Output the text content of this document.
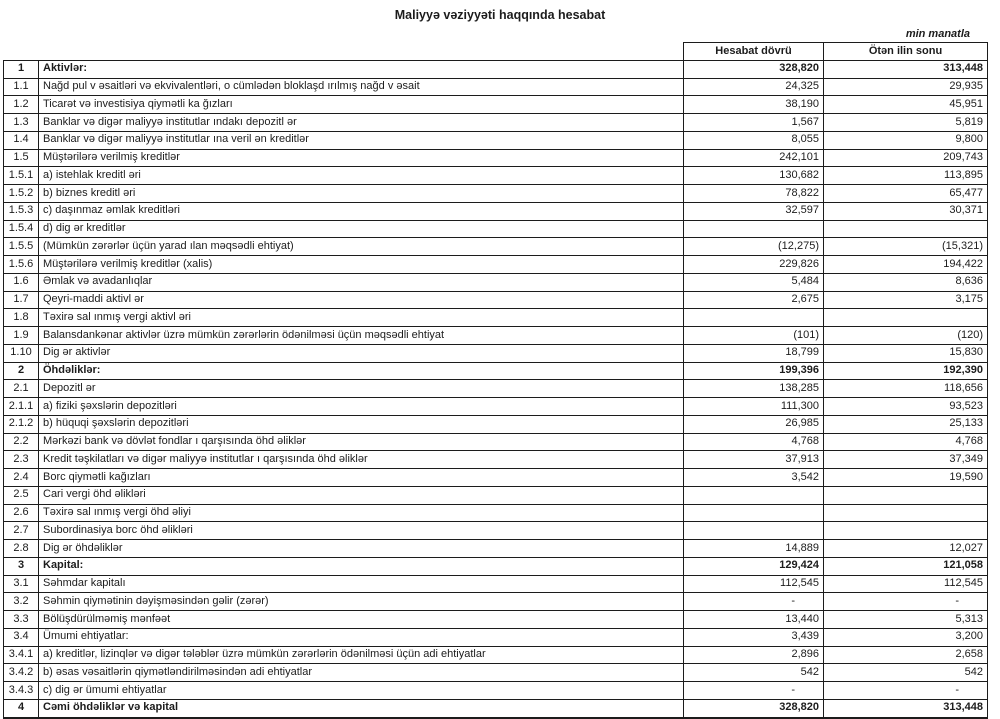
Maliyyə vəziyyəti haqqında hesabat
min manatla
		Hesabat dövrü	Ötən ilin sonu
1	Aktivlər:	328,820	313,448
1.1	Nağd pul v əsaitləri və ekvivalentləri, o cümlədən bloklaşd ırılmış nağd v əsait	24,325	29,935
1.2	Ticarət və investisiya qiymətli ka ğızları	38,190	45,951
1.3	Banklar və digər maliyyə institutlar ındakı depozitl ər	1,567	5,819
1.4	Banklar və digər maliyyə institutlar ına veril ən kreditlər	8,055	9,800
1.5	Müştərilərə verilmiş kreditlər	242,101	209,743
1.5.1	a) istehlak kreditl əri	130,682	113,895
1.5.2	b) biznes kreditl əri	78,822	65,477
1.5.3	c) daşınmaz əmlak kreditləri	32,597	30,371
1.5.4	d) dig ər kreditlər		
1.5.5	(Mümkün zərərlər üçün yarad ılan məqsədli ehtiyat)	(12,275)	(15,321)
1.5.6	Müştərilərə verilmiş kreditlər (xalis)	229,826	194,422
1.6	Əmlak və avadanlıqlar	5,484	8,636
1.7	Qeyri-maddi aktivl ər	2,675	3,175
1.8	Təxirə sal ınmış vergi aktivl əri		
1.9	Balansdankənar aktivlər üzrə mümkün zərərlərin ödənilməsi üçün məqsədli ehtiyat	(101)	(120)
1.10	Dig ər aktivlər	18,799	15,830
2	Öhdəliklər:	199,396	192,390
2.1	Depozitl ər	138,285	118,656
2.1.1	a) fiziki şəxslərin depozitləri	111,300	93,523
2.1.2	b) hüquqi şəxslərin depozitləri	26,985	25,133
2.2	Mərkəzi bank və dövlət fondlar ı qarşısında öhd əliklər	4,768	4,768
2.3	Kredit təşkilatları və digər maliyyə institutlar ı qarşısında öhd əliklər	37,913	37,349
2.4	Borc qiymətli kağızları	3,542	19,590
2.5	Cari vergi öhd əlikləri		
2.6	Təxirə sal ınmış vergi öhd əliyi		
2.7	Subordinasiya borc öhd əlikləri		
2.8	Dig ər öhdəliklər	14,889	12,027
3	Kapital:	129,424	121,058
3.1	Səhmdar kapitalı	112,545	112,545
3.2	Səhmin qiymətinin dəyişməsindən gəlir (zərər)	-	-
3.3	Bölüşdürülməmiş mənfəət	13,440	5,313
3.4	Ümumi ehtiyatlar:	3,439	3,200
3.4.1	a) kreditlər, lizinqlər və digər tələblər üzrə mümkün zərərlərin ödənilməsi üçün adi ehtiyatlar	2,896	2,658
3.4.2	b) əsas vəsaitlərin qiymətləndirilməsindən adi ehtiyatlar	542	542
3.4.3	c) dig ər ümumi ehtiyatlar	-	-
4	Cəmi öhdəliklər və kapital	328,820	313,448
